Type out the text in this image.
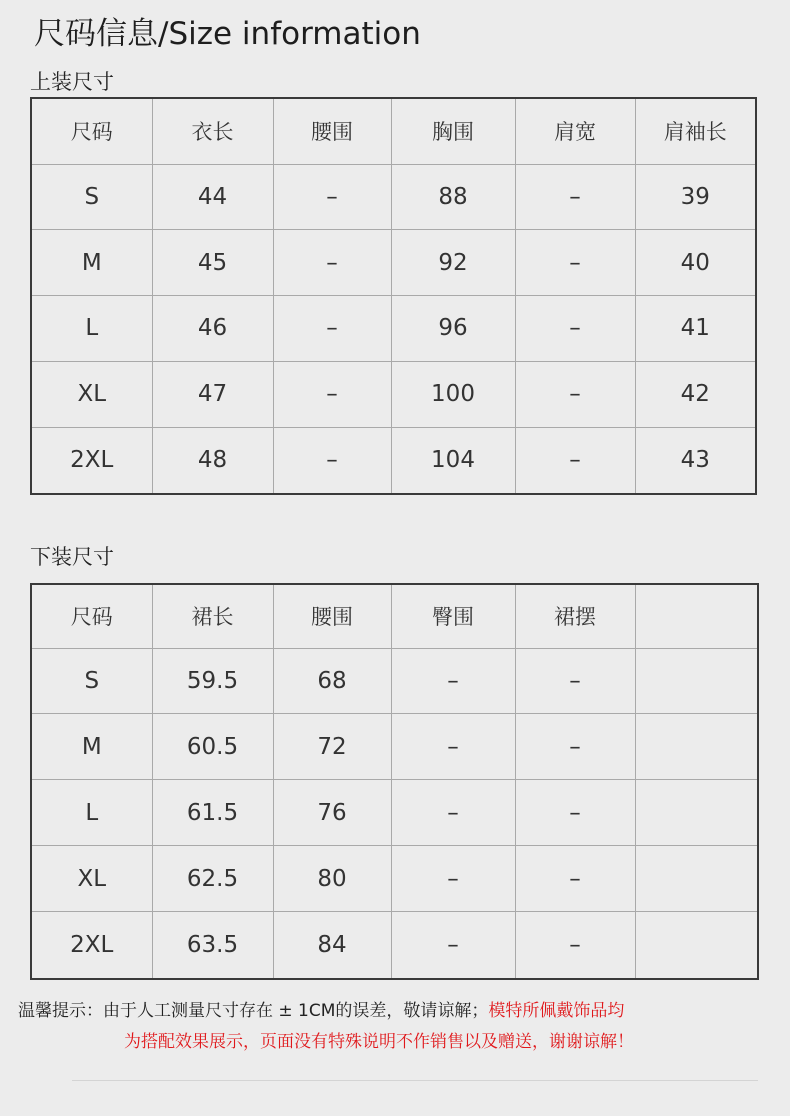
尺码信息/Size information
上装尺寸
尺码	衣长	腰围	胸围	肩宽	肩袖长
S	44	–	88	–	39
M	45	–	92	–	40
L	46	–	96	–	41
XL	47	–	100	–	42
2XL	48	–	104	–	43
下装尺寸
尺码	裙长	腰围	臀围	裙摆	
S	59.5	68	–	–	
M	60.5	72	–	–	
L	61.5	76	–	–	
XL	62.5	80	–	–	
2XL	63.5	84	–	–	
温馨提示：由于人工测量尺寸存在 ± 1CM的误差，敬请谅解；模特所佩戴饰品均
为搭配效果展示，页面没有特殊说明不作销售以及赠送，谢谢谅解！
